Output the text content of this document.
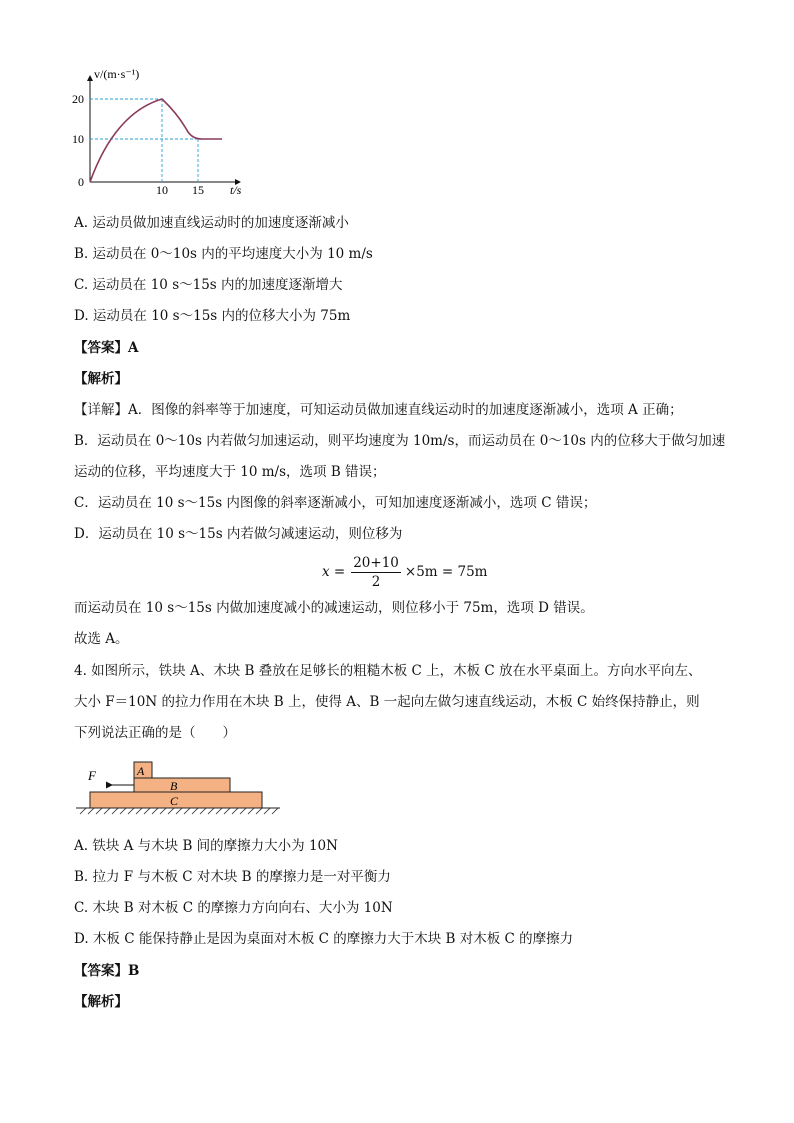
v/(m·s⁻¹)
20
10
0
10 15 t/s
A. 运动员做加速直线运动时的加速度逐渐减小
B. 运动员在 0～10s 内的平均速度大小为 10 m/s
C. 运动员在 10 s～15s 内的加速度逐渐增大
D. 运动员在 10 s～15s 内的位移大小为 75m
【答案】A
【解析】
【详解】A．图像的斜率等于加速度，可知运动员做加速直线运动时的加速度逐渐减小，选项 A 正确；
B．运动员在 0～10s 内若做匀加速运动，则平均速度为 10m/s，而运动员在 0～10s 内的位移大于做匀加速
运动的位移，平均速度大于 10 m/s，选项 B 错误；
C．运动员在 10 s～15s 内图像的斜率逐渐减小，可知加速度逐渐减小，选项 C 错误；
D．运动员在 10 s～15s 内若做匀减速运动，则位移为
x =
20+10
2
×5m = 75m
而运动员在 10 s～15s 内做加速度减小的减速运动，则位移小于 75m，选项 D 错误。
故选 A。
4. 如图所示，铁块 A、木块 B 叠放在足够长的粗糙木板 C 上，木板 C 放在水平桌面上。方向水平向左、
大小 F＝10N 的拉力作用在木块 B 上，使得 A、B 一起向左做匀速直线运动，木板 C 始终保持静止，则
下列说法正确的是（　　）
F	A
B
C
A. 铁块 A 与木块 B 间的摩擦力大小为 10N
B. 拉力 F 与木板 C 对木块 B 的摩擦力是一对平衡力
C. 木块 B 对木板 C 的摩擦力方向向右、大小为 10N
D. 木板 C 能保持静止是因为桌面对木板 C 的摩擦力大于木块 B 对木板 C 的摩擦力
【答案】B
【解析】
